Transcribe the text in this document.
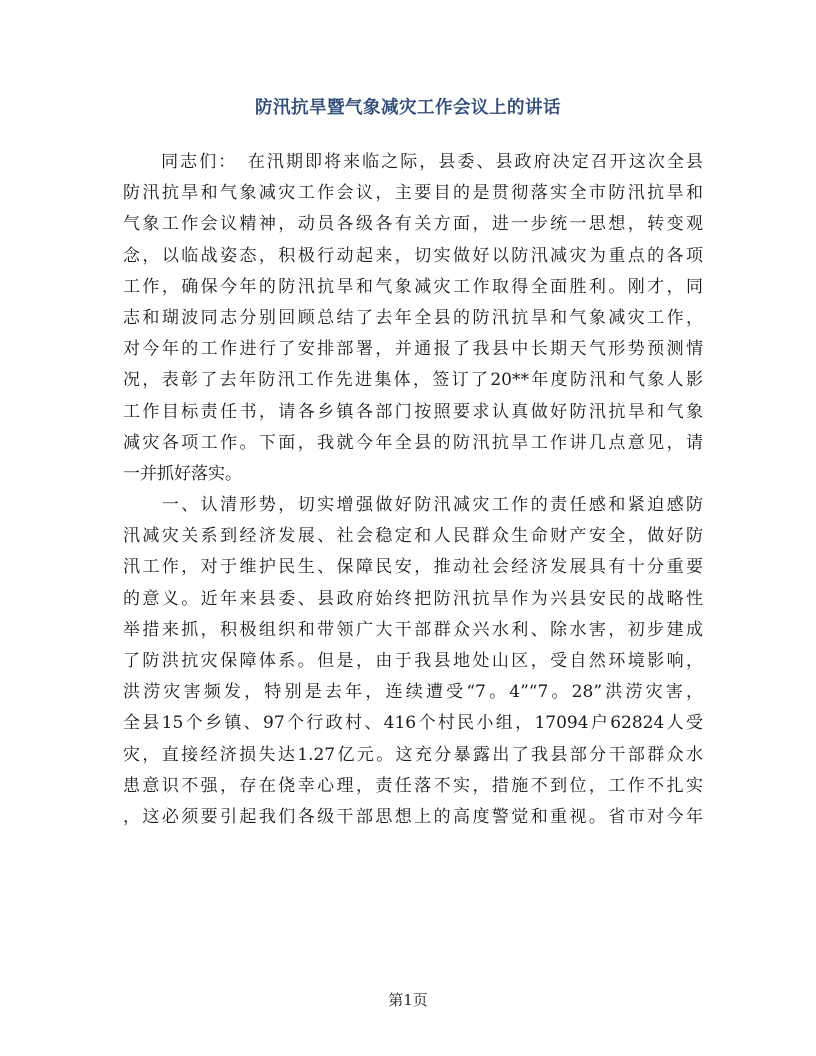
防汛抗旱暨气象减灾工作会议上的讲话
　　同志们：　在汛期即将来临之际，县委、县政府决定召开这次全县
防汛抗旱和气象减灾工作会议，主要目的是贯彻落实全市防汛抗旱和
气象工作会议精神，动员各级各有关方面，进一步统一思想，转变观
念，以临战姿态，积极行动起来，切实做好以防汛减灾为重点的各项
工作，确保今年的防汛抗旱和气象减灾工作取得全面胜利。刚才，同
志和瑚波同志分别回顾总结了去年全县的防汛抗旱和气象减灾工作，
对今年的工作进行了安排部署，并通报了我县中长期天气形势预测情
况，表彰了去年防汛工作先进集体，签订了20**年度防汛和气象人影
工作目标责任书，请各乡镇各部门按照要求认真做好防汛抗旱和气象
减灾各项工作。下面，我就今年全县的防汛抗旱工作讲几点意见，请
一并抓好落实。
　　一、认清形势，切实增强做好防汛减灾工作的责任感和紧迫感防
汛减灾关系到经济发展、社会稳定和人民群众生命财产安全，做好防
汛工作，对于维护民生、保障民安，推动社会经济发展具有十分重要
的意义。近年来县委、县政府始终把防汛抗旱作为兴县安民的战略性
举措来抓，积极组织和带领广大干部群众兴水利、除水害，初步建成
了防洪抗灾保障体系。但是，由于我县地处山区，受自然环境影响，
洪涝灾害频发，特别是去年，连续遭受“7。4”“7。28”洪涝灾害，
全县15个乡镇、97个行政村、416个村民小组，17094户62824人受
灾，直接经济损失达1.27亿元。这充分暴露出了我县部分干部群众水
患意识不强，存在侥幸心理，责任落不实，措施不到位，工作不扎实
，这必须要引起我们各级干部思想上的高度警觉和重视。省市对今年
第1页
